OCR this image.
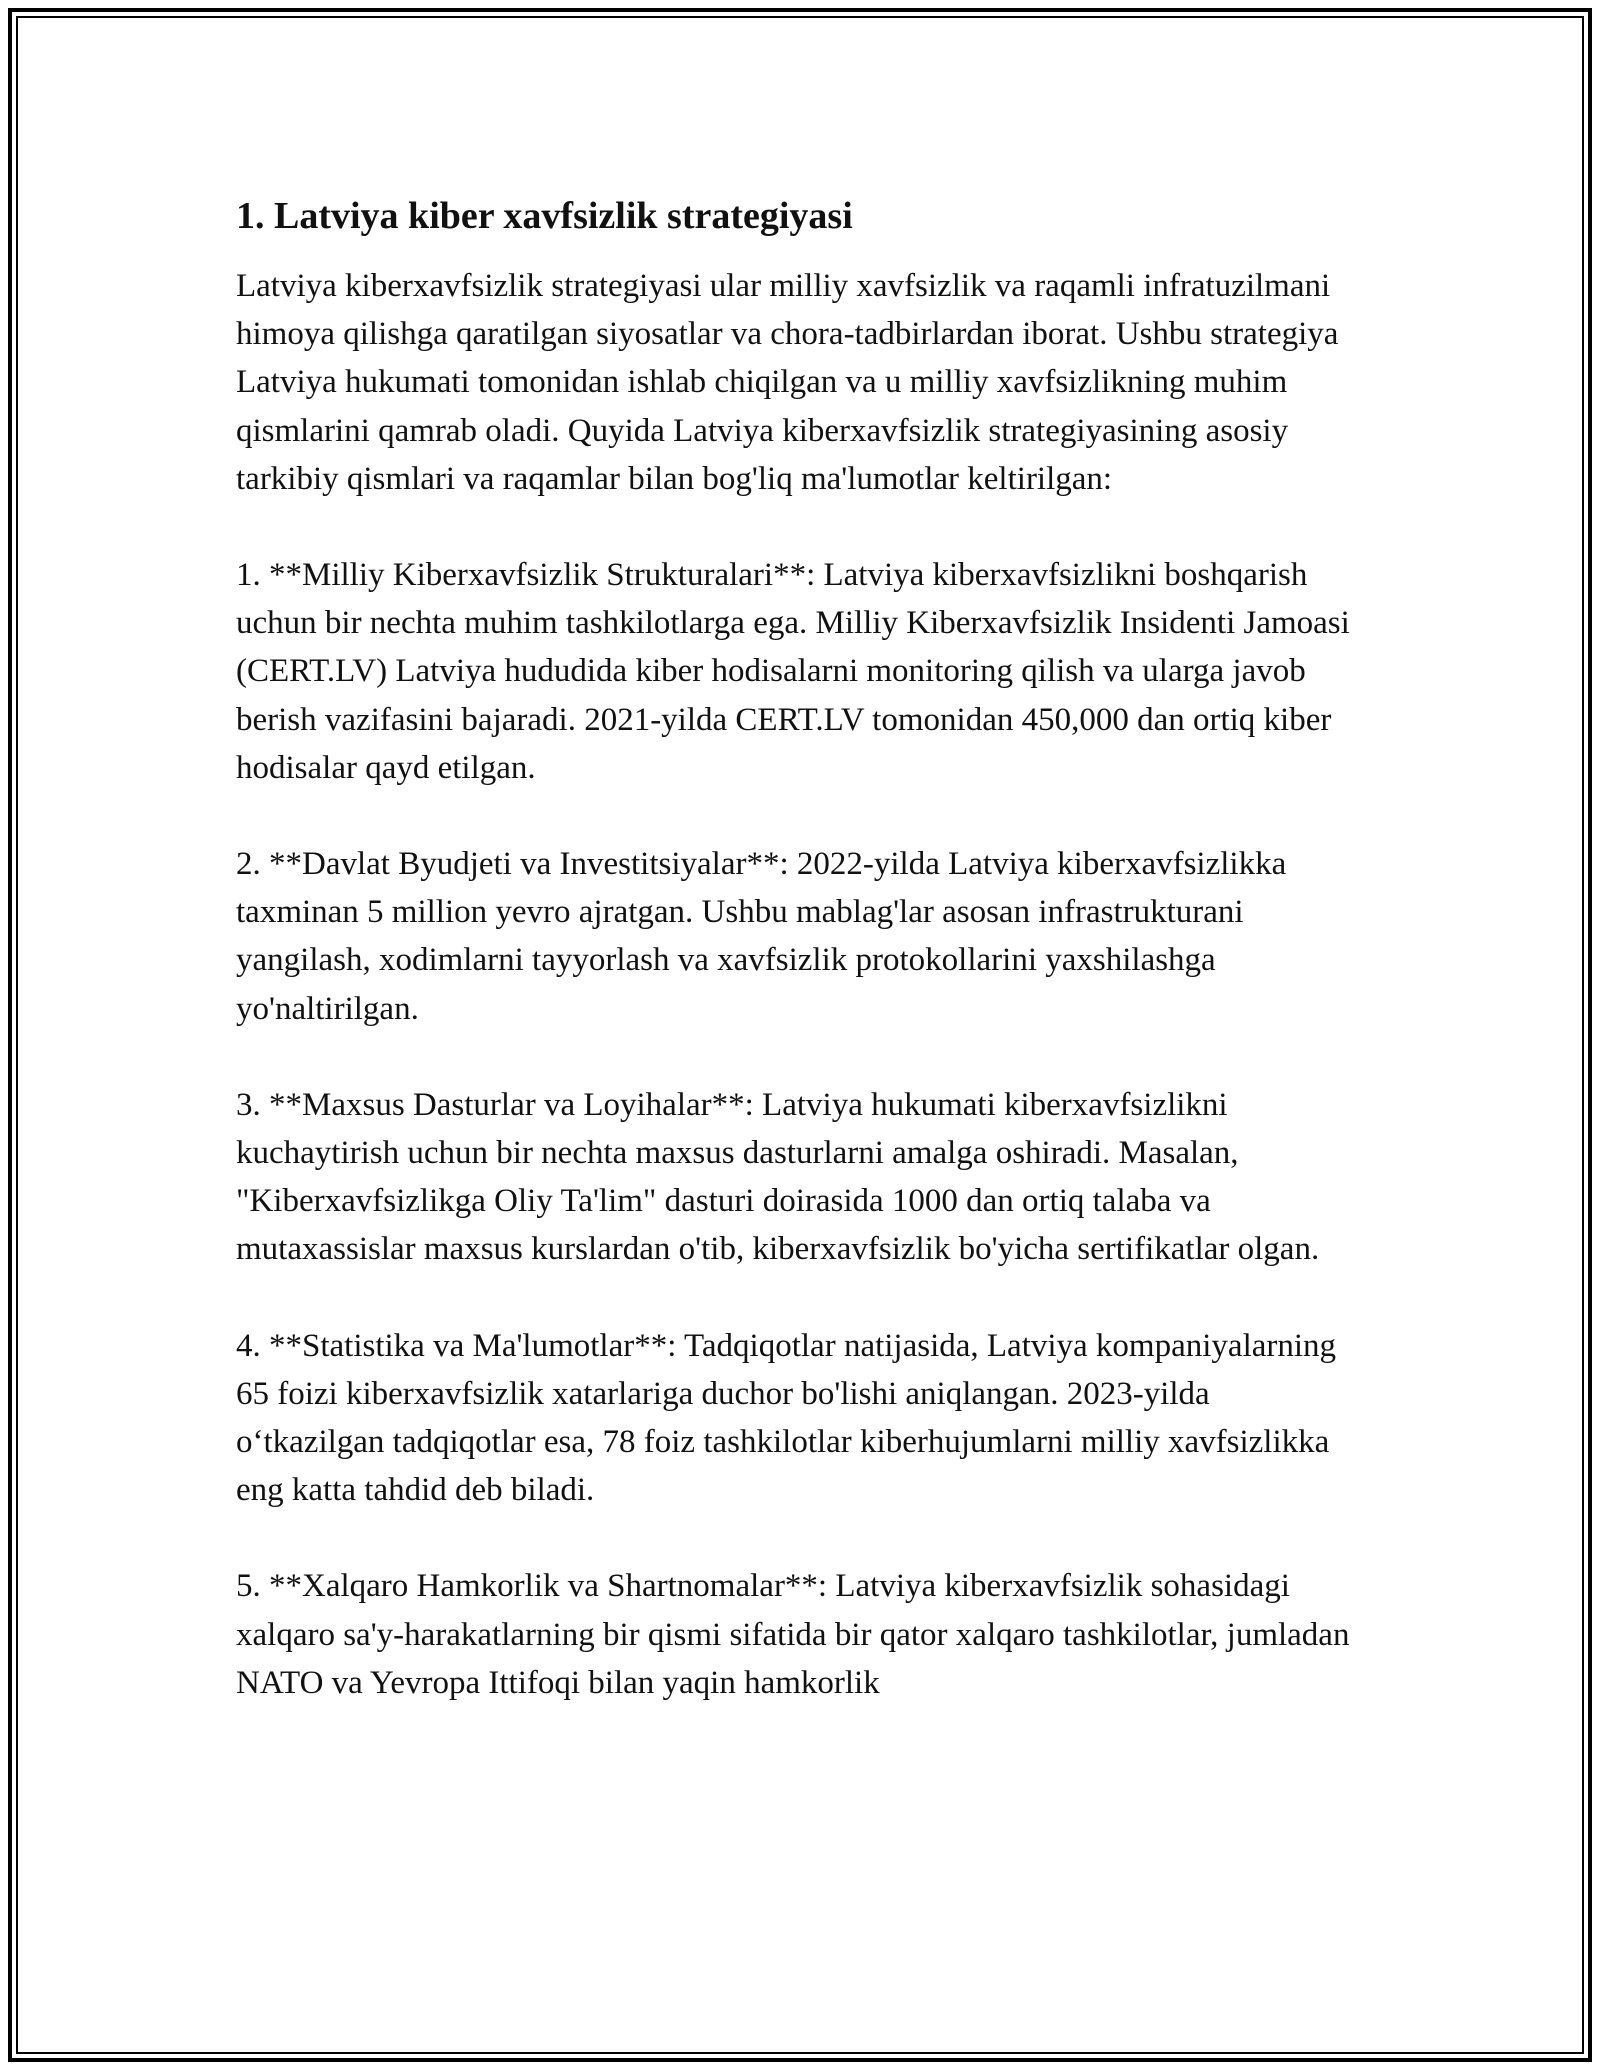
1. Latviya kiber xavfsizlik strategiyasi

Latviya kiberxavfsizlik strategiyasi ular milliy xavfsizlik va raqamli infratuzilmani himoya qilishga qaratilgan siyosatlar va chora-tadbirlardan iborat. Ushbu strategiya Latviya hukumati tomonidan ishlab chiqilgan va u milliy xavfsizlikning muhim qismlarini qamrab oladi. Quyida Latviya kiberxavfsizlik strategiyasining asosiy tarkibiy qismlari va raqamlar bilan bog'liq ma'lumotlar keltirilgan:

1. **Milliy Kiberxavfsizlik Strukturalari**: Latviya kiberxavfsizlikni boshqarish uchun bir nechta muhim tashkilotlarga ega. Milliy Kiberxavfsizlik Insidenti Jamoasi (CERT.LV) Latviya hududida kiber hodisalarni monitoring qilish va ularga javob berish vazifasini bajaradi. 2021-yilda CERT.LV tomonidan 450,000 dan ortiq kiber hodisalar qayd etilgan.

2. **Davlat Byudjeti va Investitsiyalar**: 2022-yilda Latviya kiberxavfsizlikka taxminan 5 million yevro ajratgan. Ushbu mablag'lar asosan infrastrukturani yangilash, xodimlarni tayyorlash va xavfsizlik protokollarini yaxshilashga yo'naltirilgan.

3. **Maxsus Dasturlar va Loyihalar**: Latviya hukumati kiberxavfsizlikni kuchaytirish uchun bir nechta maxsus dasturlarni amalga oshiradi. Masalan, "Kiberxavfsizlikga Oliy Ta'lim" dasturi doirasida 1000 dan ortiq talaba va mutaxassislar maxsus kurslardan o'tib, kiberxavfsizlik bo'yicha sertifikatlar olgan.

4. **Statistika va Ma'lumotlar**: Tadqiqotlar natijasida, Latviya kompaniyalarning 65 foizi kiberxavfsizlik xatarlariga duchor bo'lishi aniqlangan. 2023-yilda o‘tkazilgan tadqiqotlar esa, 78 foiz tashkilotlar kiberhujumlarni milliy xavfsizlikka eng katta tahdid deb biladi.

5. **Xalqaro Hamkorlik va Shartnomalar**: Latviya kiberxavfsizlik sohasidagi xalqaro sa'y-harakatlarning bir qismi sifatida bir qator xalqaro tashkilotlar, jumladan NATO va Yevropa Ittifoqi bilan yaqin hamkorlik
